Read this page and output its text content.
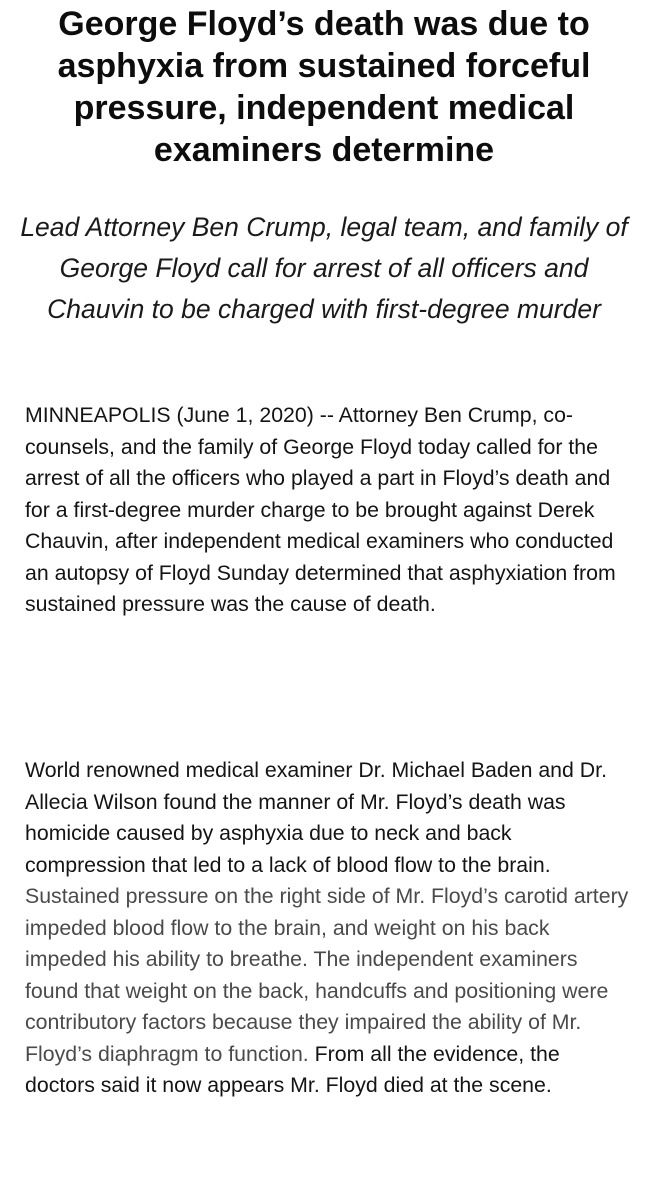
George Floyd’s death was due to asphyxia from sustained forceful pressure, independent medical examiners determine

Lead Attorney Ben Crump, legal team, and family of George Floyd call for arrest of all officers and Chauvin to be charged with first-degree murder

MINNEAPOLIS (June 1, 2020) -- Attorney Ben Crump, co-counsels, and the family of George Floyd today called for the arrest of all the officers who played a part in Floyd’s death and for a first-degree murder charge to be brought against Derek Chauvin, after independent medical examiners who conducted an autopsy of Floyd Sunday determined that asphyxiation from sustained pressure was the cause of death.

World renowned medical examiner Dr. Michael Baden and Dr. Allecia Wilson found the manner of Mr. Floyd’s death was homicide caused by asphyxia due to neck and back compression that led to a lack of blood flow to the brain. Sustained pressure on the right side of Mr. Floyd’s carotid artery impeded blood flow to the brain, and weight on his back impeded his ability to breathe. The independent examiners found that weight on the back, handcuffs and positioning were contributory factors because they impaired the ability of Mr. Floyd’s diaphragm to function. From all the evidence, the doctors said it now appears Mr. Floyd died at the scene.
